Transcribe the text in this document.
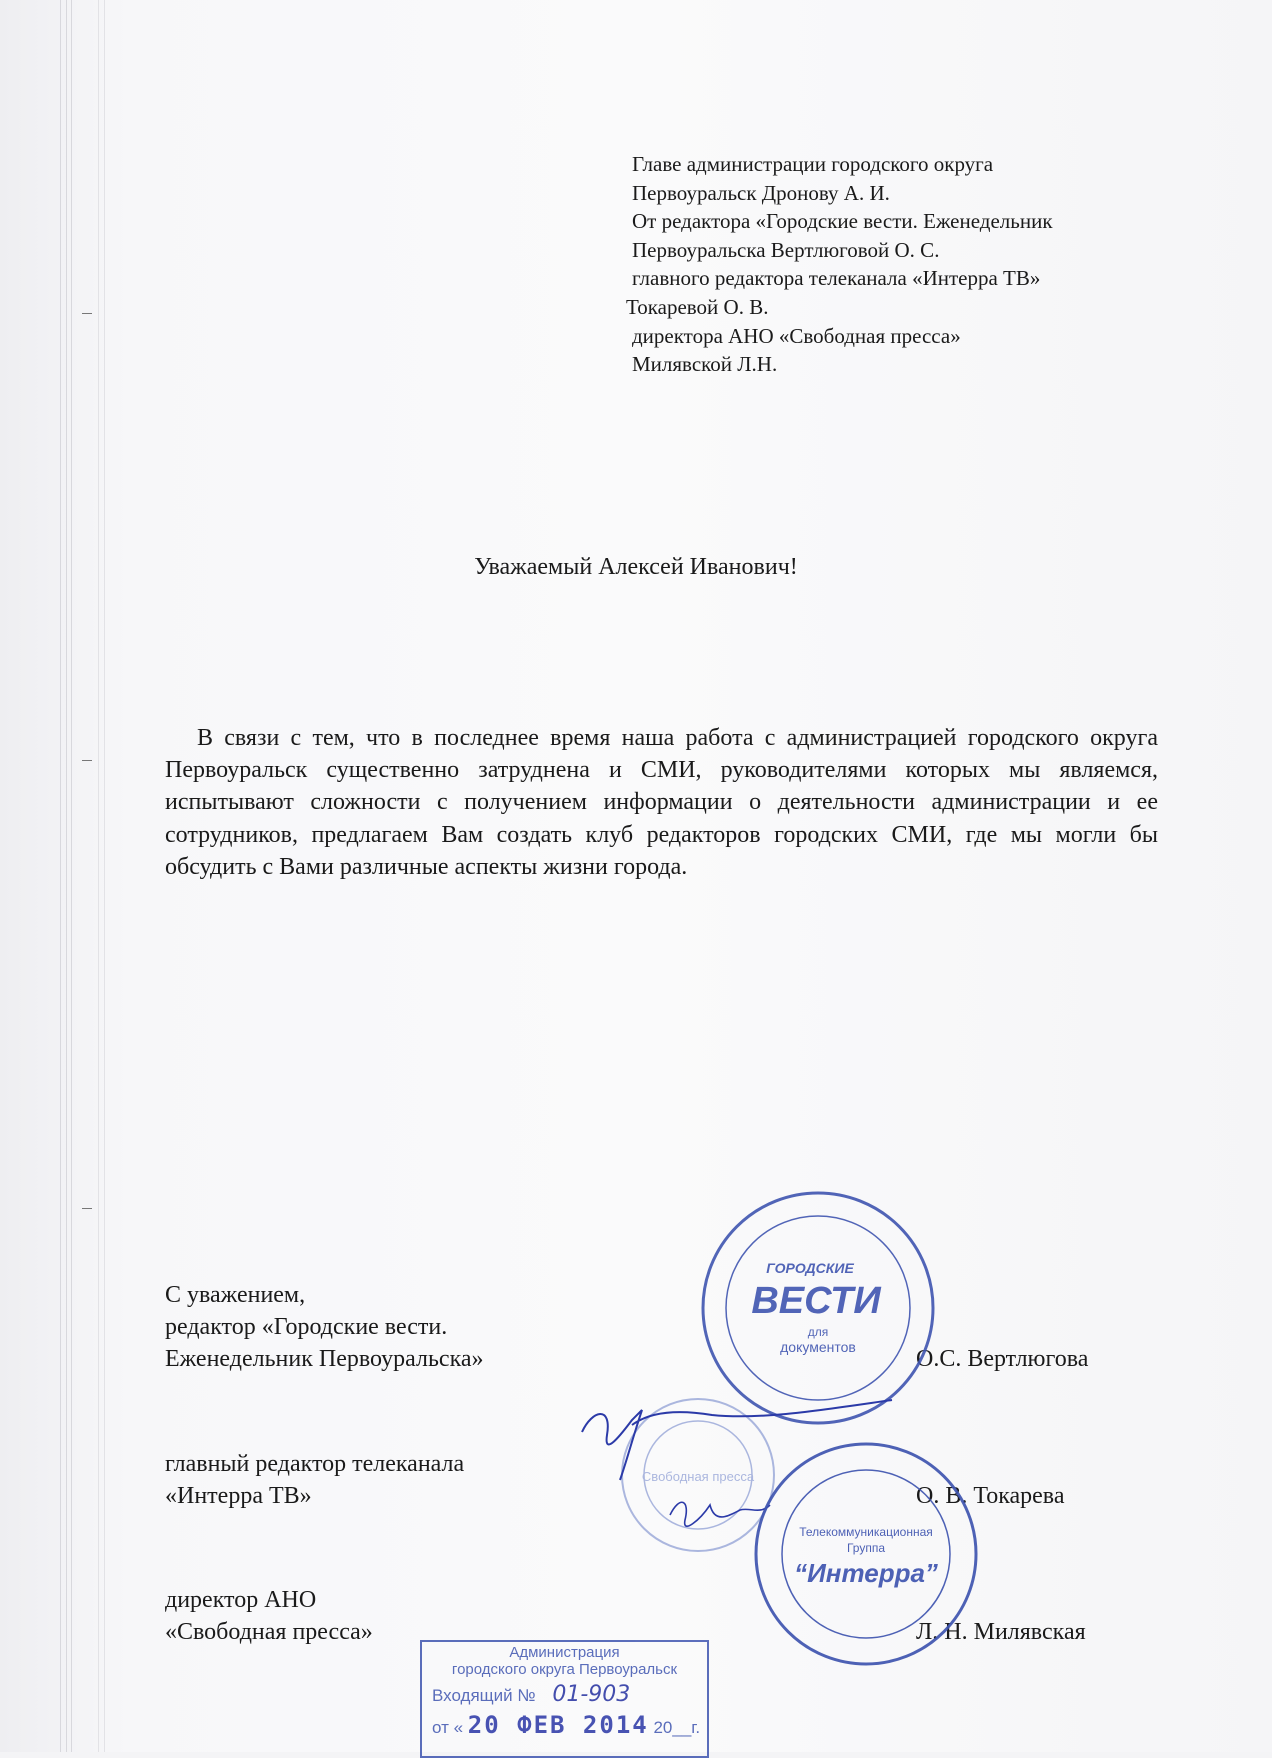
Главе администрации городского округа
Первоуральск Дронову А. И.
От редактора «Городские вести. Еженедельник
Первоуральска Вертлюговой О. С.
главного редактора телеканала «Интерра ТВ»
Токаревой О. В.
директора АНО «Свободная пресса»
Милявской Л.Н.
Уважаемый Алексей Иванович!
В связи с тем, что в последнее время наша работа с администрацией городского округа Первоуральск существенно затруднена и СМИ, руководителями которых мы являемся, испытывают сложности с получением информации о деятельности администрации и ее сотрудников, предлагаем Вам создать клуб редакторов городских СМИ, где мы могли бы обсудить с Вами различные аспекты жизни города.
С уважением,
редактор «Городские вести.
Еженедельник Первоуральска»	О.С. Вертлюгова
главный редактор телеканала
«Интерра ТВ»	О. В. Токарева
директор АНО
«Свободная пресса»	Л. Н. Милявская
Свободная пресса
ГОРОДСКИЕ
ВЕСТИ
для
документов
Телекоммуникационная
Группа
“Интерра”
Администрация
городского округа Первоуральск
Входящий № 01-903
от « 20 ФЕВ 2014 20__г.
